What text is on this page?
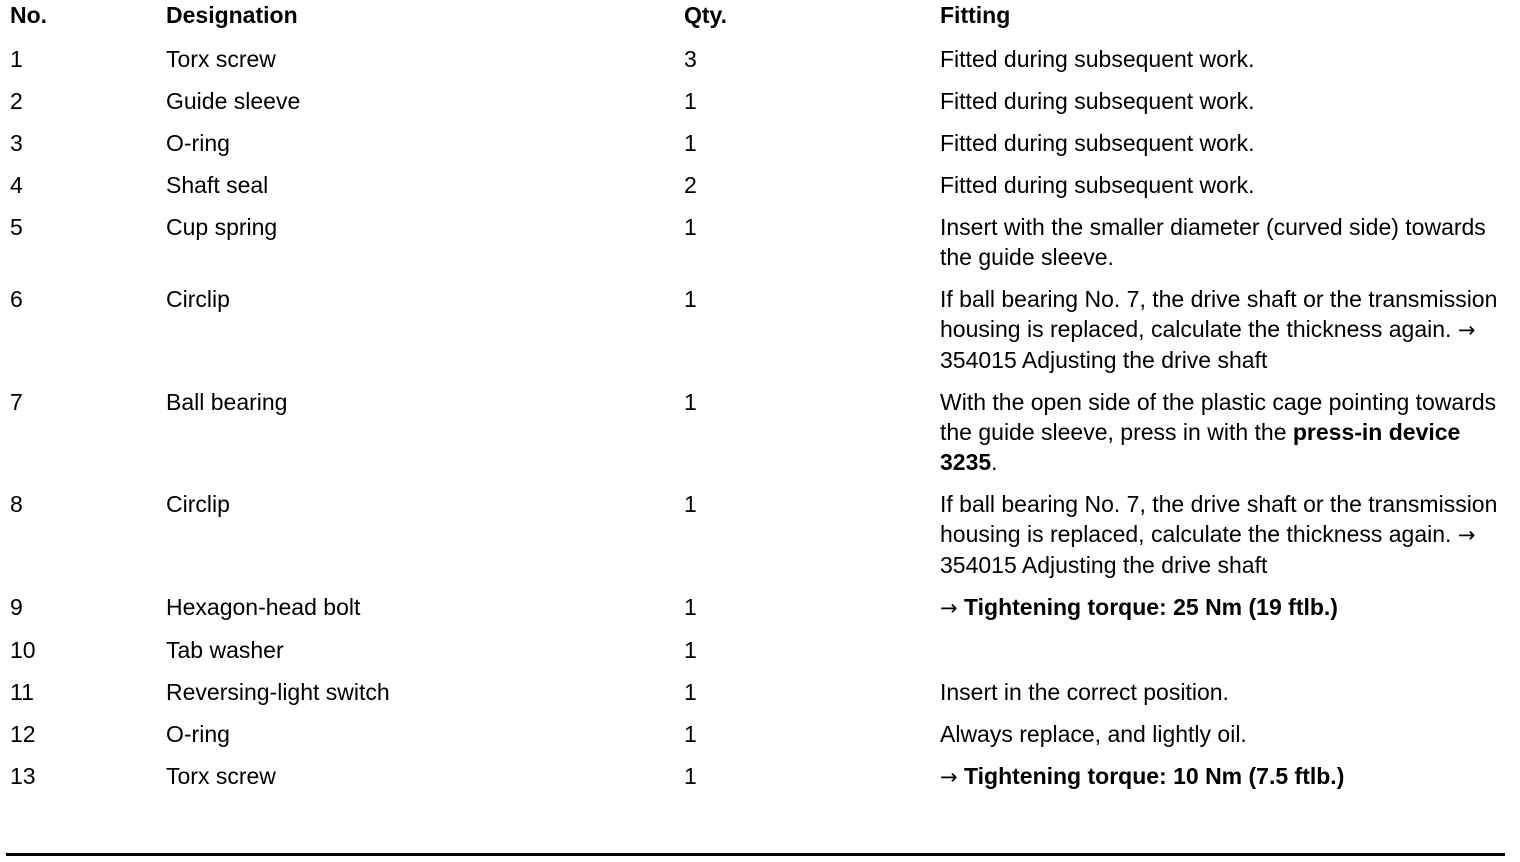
No.	Designation	Qty.	Fitting
1	Torx screw	3	Fitted during subsequent work.
2	Guide sleeve	1	Fitted during subsequent work.
3	O-ring	1	Fitted during subsequent work.
4	Shaft seal	2	Fitted during subsequent work.
5	Cup spring	1	Insert with the smaller diameter (curved side) towards the guide sleeve.
6	Circlip	1	If ball bearing No. 7, the drive shaft or the transmission housing is replaced, calculate the thickness again. → 354015 Adjusting the drive shaft
7	Ball bearing	1	With the open side of the plastic cage pointing towards the guide sleeve, press in with the press-in device 3235.
8	Circlip	1	If ball bearing No. 7, the drive shaft or the transmission housing is replaced, calculate the thickness again. → 354015 Adjusting the drive shaft
9	Hexagon-head bolt	1	→ Tightening torque: 25 Nm (19 ftlb.)
10	Tab washer	1	
11	Reversing-light switch	1	Insert in the correct position.
12	O-ring	1	Always replace, and lightly oil.
13	Torx screw	1	→ Tightening torque: 10 Nm (7.5 ftlb.)
